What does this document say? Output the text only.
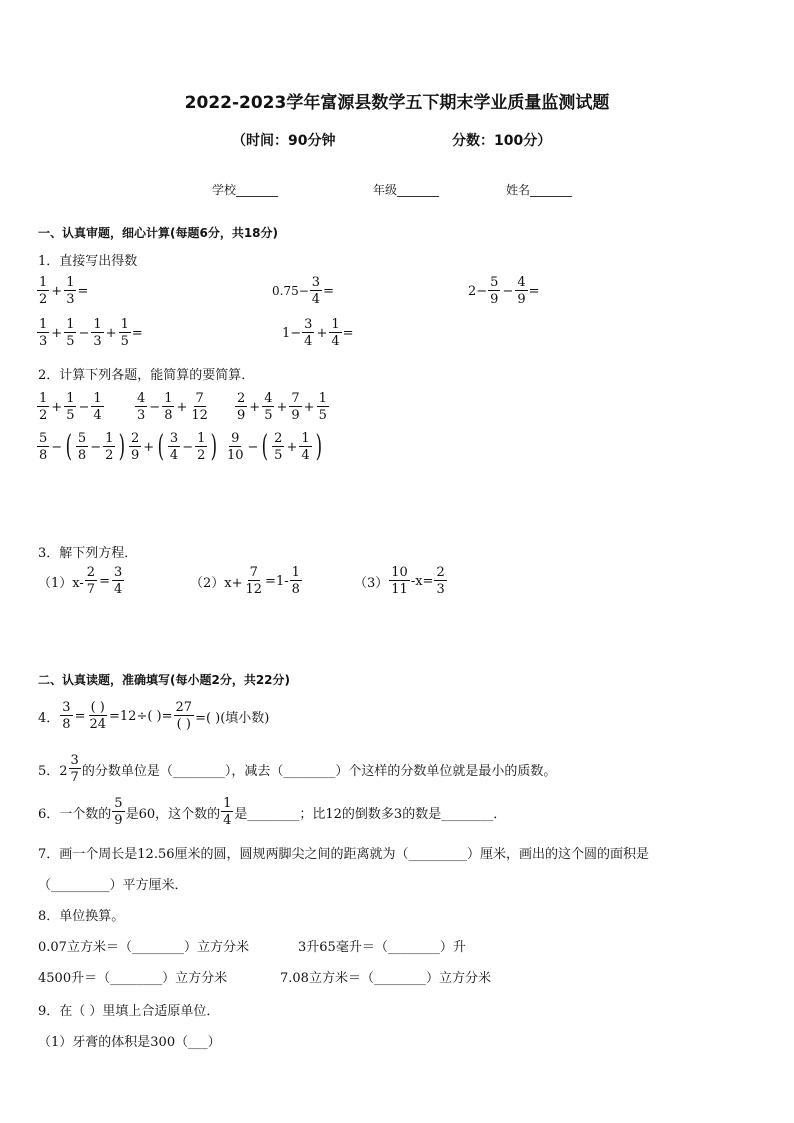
2022-2023学年富源县数学五下期末学业质量监测试题
（时间：90分钟	分数：100分）
学校_______	年级_______	姓名_______
一、认真审题，细心计算(每题6分，共18分)
1．直接写出得数
$\frac{1}{2} + \frac{1}{3}$ =	$0.75- \frac{3}{4}$ =	$2- \frac{5}{9} - \frac{4}{9}$ =
$\frac{1}{3} + \frac{1}{5} - \frac{1}{3} + \frac{1}{5}$ =	$1- \frac{3}{4} + \frac{1}{4}$ =
2．计算下列各题，能简算的要简算．
$\frac{1}{2} + \frac{1}{5} - \frac{1}{4} \frac{4}{3} - \frac{1}{8} + \frac{7}{12} \frac{2}{9} + \frac{4}{5} + \frac{7}{9} + \frac{1}{5}$
$\frac{5}{8}$ − ( $\frac{5}{8} - \frac{1}{2}$ ) $\frac{2}{9}$ + ( $\frac{3}{4} - \frac{1}{2}$ ) $\frac{9}{10}$ − ( $\frac{2}{5} + \frac{1}{4}$ )
3．解下列方程．
$(1)x- \frac{2}{7} = \frac{3}{4}$	$(2)x+ \frac{7}{12} =1- \frac{1}{8}$	$(3) \frac{10}{11} -x= \frac{2}{3}$
二、认真读题，准确填写(每小题2分，共22分)
4． $\frac{3}{8} = \frac{( )}{24} =12\div$( )= $\frac{27}{( )}$ =( )(填小数)
5．$2 \frac{3}{7}$ 的分数单位是（________），减去（________）个这样的分数单位就是最小的质数。
6．一个数的 $\frac{5}{9}$ 是60，这个数的 $\frac{1}{4}$ 是________；比12的倒数多3的数是________．
7．画一个周长是12.56厘米的圆，圆规两脚尖之间的距离就为（_________）厘米，画出的这个圆的面积是
（_________）平方厘米．
8．单位换算。
0.07立方米＝（________）立方分米	3升65毫升＝（________）升
4500升＝（________）立方分米	7.08立方米＝（________）立方分米
9．在（ ）里填上合适原单位．
（1）牙膏的体积是300（___）
